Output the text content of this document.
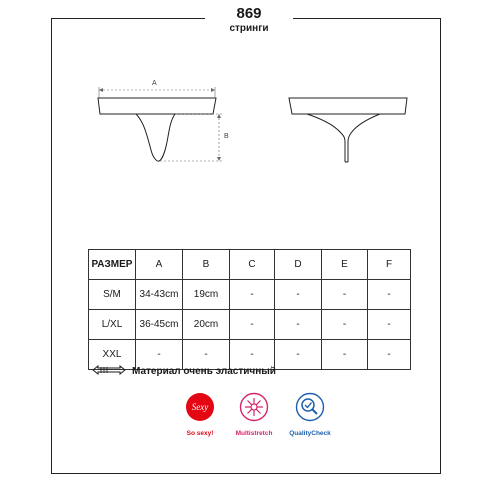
869
стринги
A
B
РАЗМЕР	A	B	C	D	E	F
S/M	34-43cm	19cm	-	-	-	-
L/XL	36-45cm	20cm	-	-	-	-
XXL	-	-	-	-	-	-
Материал очень эластичный
Sexy
So sexy!	Multistretch	QualityCheck
